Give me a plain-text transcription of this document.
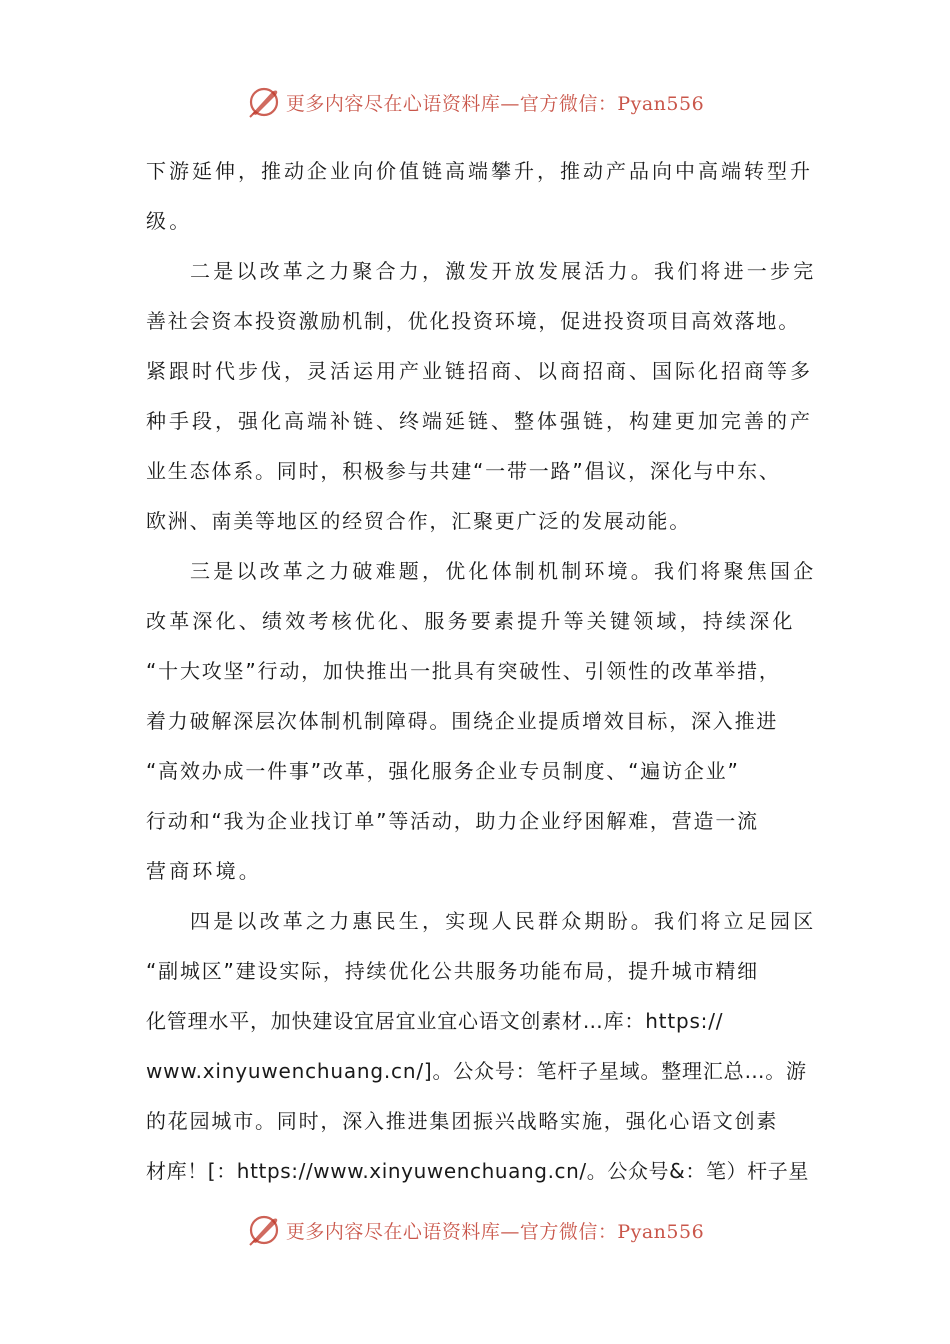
更多内容尽在心语资料库—官方微信：Pyan556
下游延伸，推动企业向价值链高端攀升，推动产品向中高端转型升
级。
二是以改革之力聚合力，激发开放发展活力。我们将进一步完
善社会资本投资激励机制，优化投资环境，促进投资项目高效落地。
紧跟时代步伐，灵活运用产业链招商、以商招商、国际化招商等多
种手段，强化高端补链、终端延链、整体强链，构建更加完善的产
业生态体系。同时，积极参与共建“一带一路”倡议，深化与中东、
欧洲、南美等地区的经贸合作，汇聚更广泛的发展动能。
三是以改革之力破难题，优化体制机制环境。我们将聚焦国企
改革深化、绩效考核优化、服务要素提升等关键领域，持续深化
“十大攻坚”行动，加快推出一批具有突破性、引领性的改革举措，
着力破解深层次体制机制障碍。围绕企业提质增效目标，深入推进
“高效办成一件事”改革，强化服务企业专员制度、“遍访企业”
行动和“我为企业找订单”等活动，助力企业纾困解难，营造一流
营商环境。
四是以改革之力惠民生，实现人民群众期盼。我们将立足园区
“副城区”建设实际，持续优化公共服务功能布局，提升城市精细
化管理水平，加快建设宜居宜业宜心语文创素材…库：https://
www.xinyuwenchuang.cn/]。公众号：笔杆子星域。整理汇总…。游
的花园城市。同时，深入推进集团振兴战略实施，强化心语文创素
材库！[：https://www.xinyuwenchuang.cn/。公众号&：笔）杆子星
更多内容尽在心语资料库—官方微信：Pyan556
